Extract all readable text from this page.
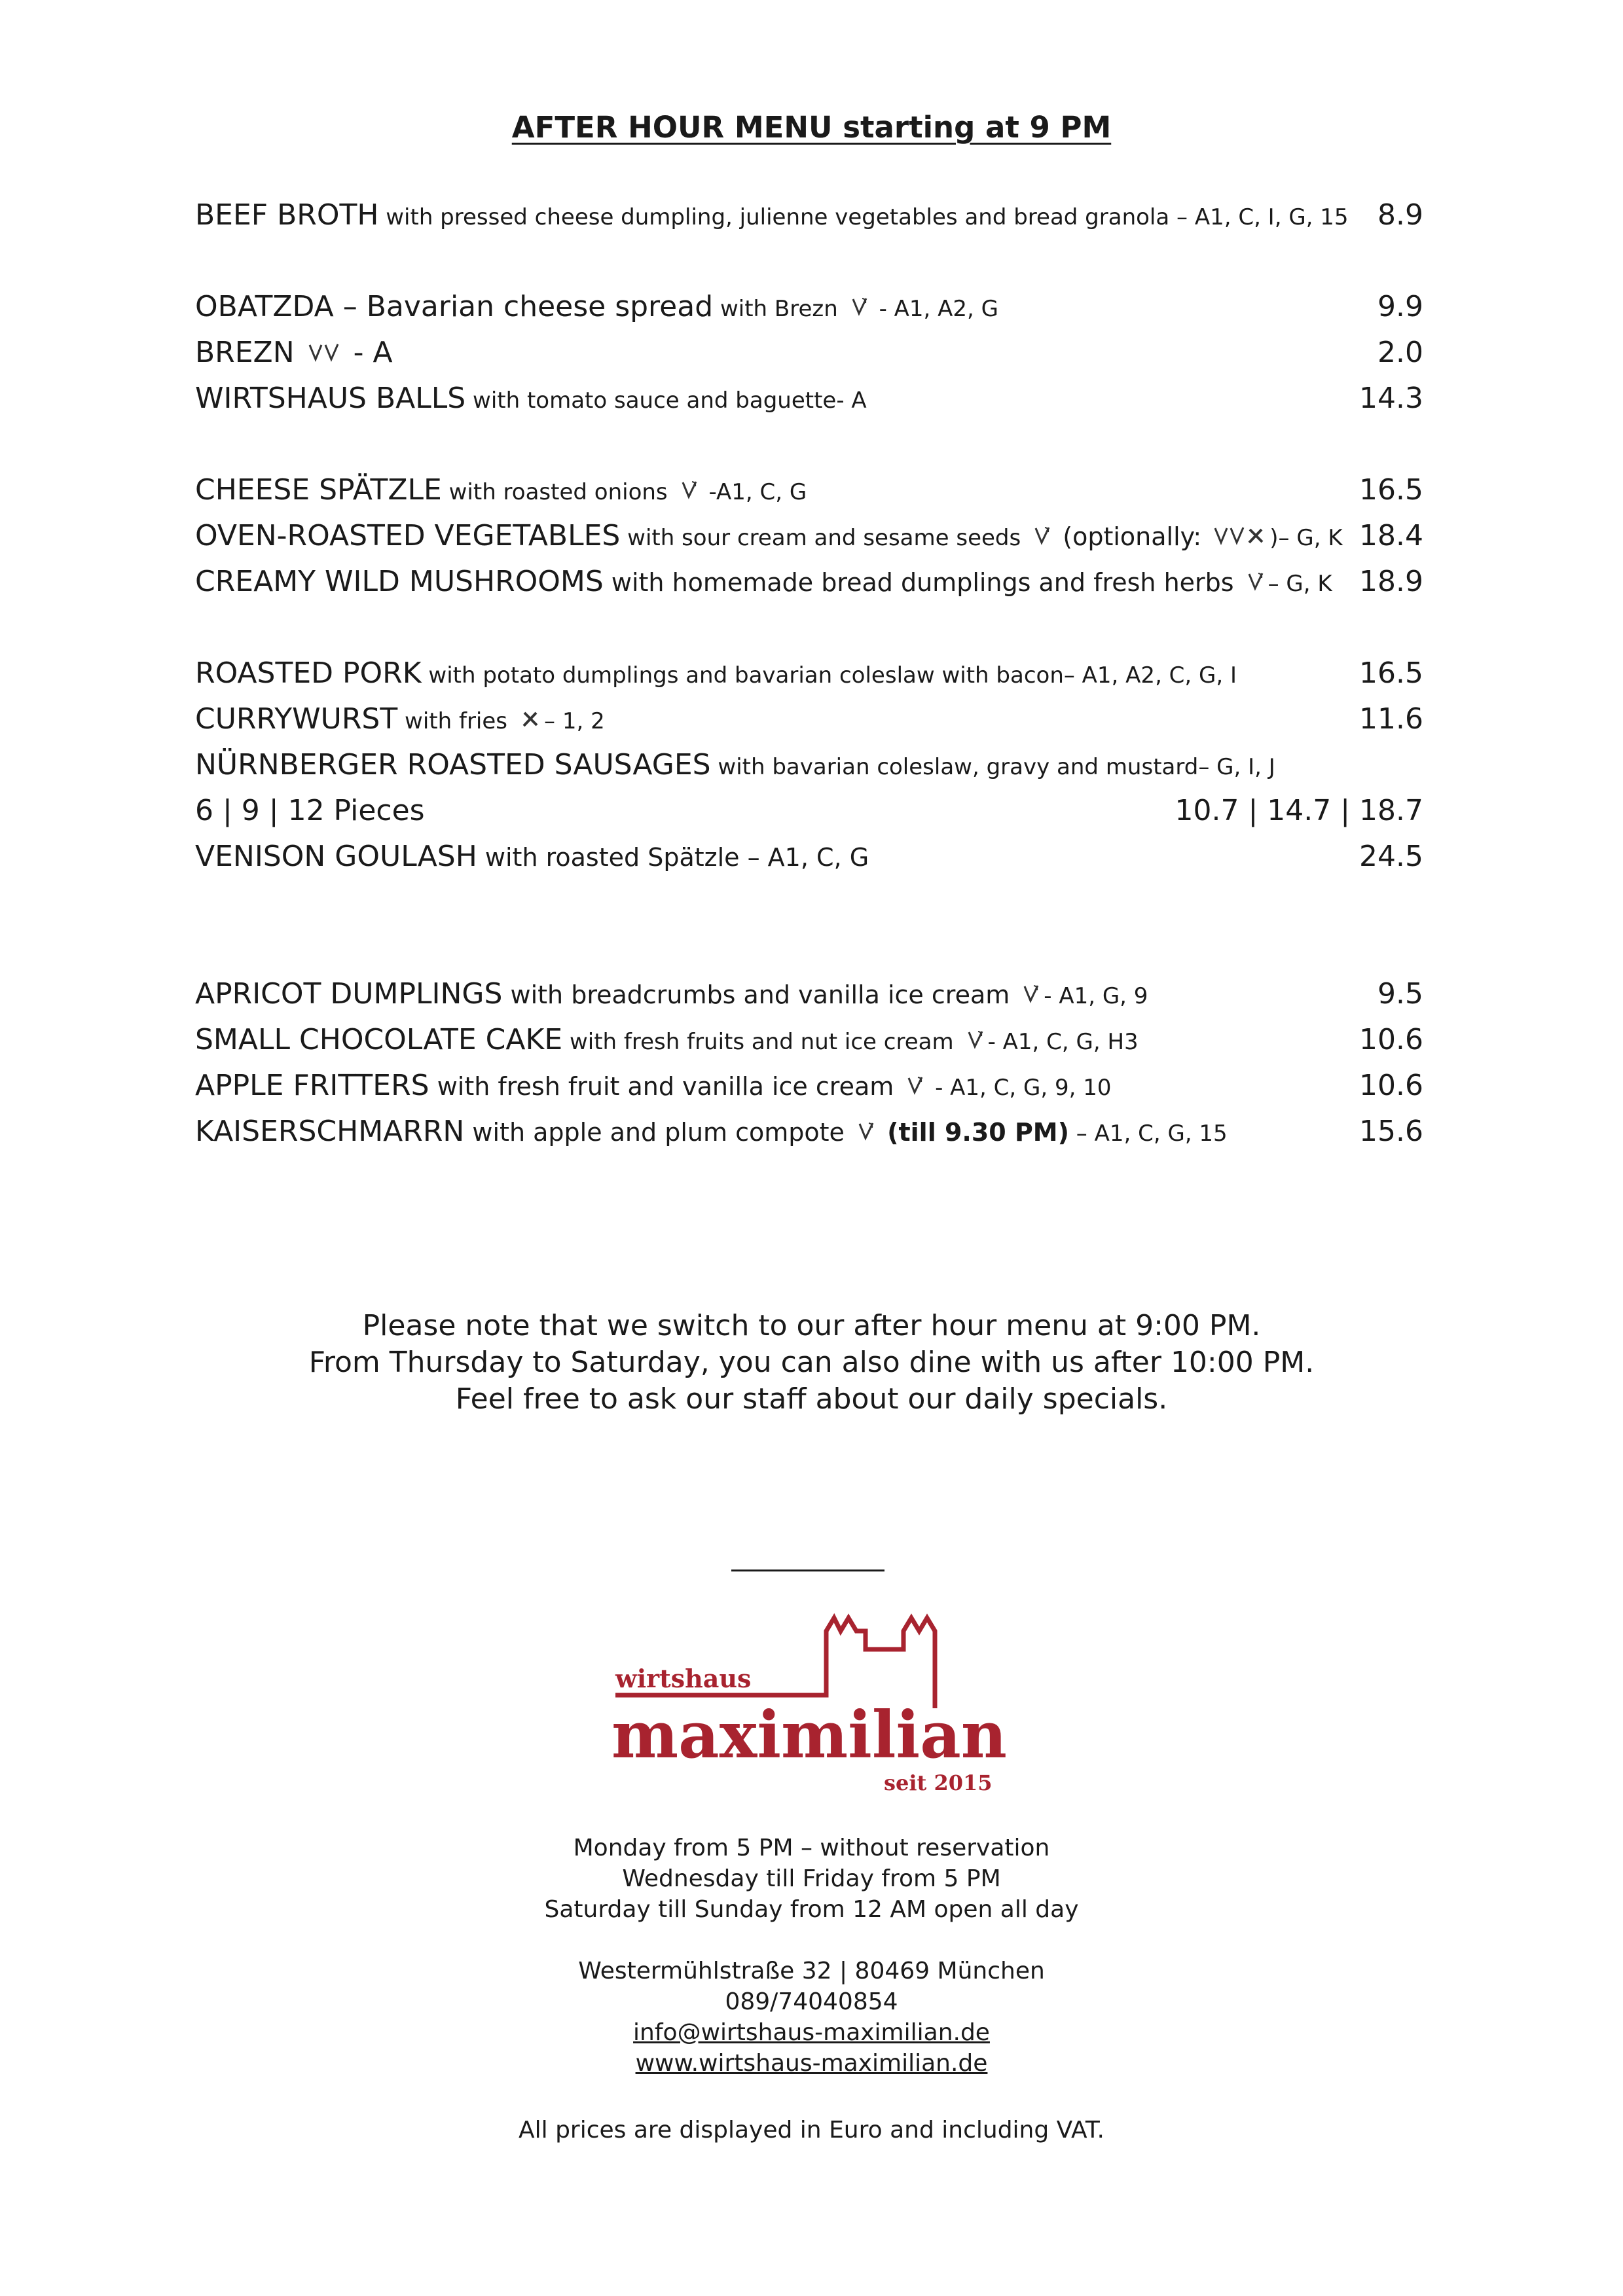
AFTER HOUR MENU starting at 9 PM
BEEF BROTH with pressed cheese dumpling, julienne vegetables and bread granola – A1, C, I, G, 15 8.9
OBATZDA – Bavarian cheese spread with Brezn  - A1, A2, G	9.9
BREZN  - A	2.0
WIRTSHAUS BALLS with tomato sauce and baguette- A	14.3
CHEESE SPÄTZLE with roasted onions  -A1, C, G	16.5
OVEN-ROASTED VEGETABLES with sour cream and sesame seeds  (optionally:	)– G, K 18.4
CREAMY WILD MUSHROOMS with homemade bread dumplings and fresh herbs – G, K 18.9
ROASTED PORK with potato dumplings and bavarian coleslaw with bacon– A1, A2, C, G, I	16.5
CURRYWURST with fries – 1, 2	11.6
NÜRNBERGER ROASTED SAUSAGES with bavarian coleslaw, gravy and mustard– G, I, J
6 | 9 | 12 Pieces	10.7 | 14.7 | 18.7
VENISON GOULASH with roasted Spätzle – A1, C, G	24.5
APRICOT DUMPLINGS with breadcrumbs and vanilla ice cream - A1, G, 9	9.5
SMALL CHOCOLATE CAKE with fresh fruits and nut ice cream - A1, C, G, H3	10.6
APPLE FRITTERS with fresh fruit and vanilla ice cream  - A1, C, G, 9, 10	10.6
KAISERSCHMARRN with apple and plum compote  (till 9.30 PM) – A1, C, G, 15	15.6
Please note that we switch to our after hour menu at 9:00 PM.
From Thursday to Saturday, you can also dine with us after 10:00 PM.
Feel free to ask our staff about our daily specials.
wirtshaus
maximilian
seit 2015
Monday from 5 PM – without reservation
Wednesday till Friday from 5 PM
Saturday till Sunday from 12 AM open all day
Westermühlstraße 32 | 80469 München
089/74040854
info@wirtshaus-maximilian.de
www.wirtshaus-maximilian.de
All prices are displayed in Euro and including VAT.
